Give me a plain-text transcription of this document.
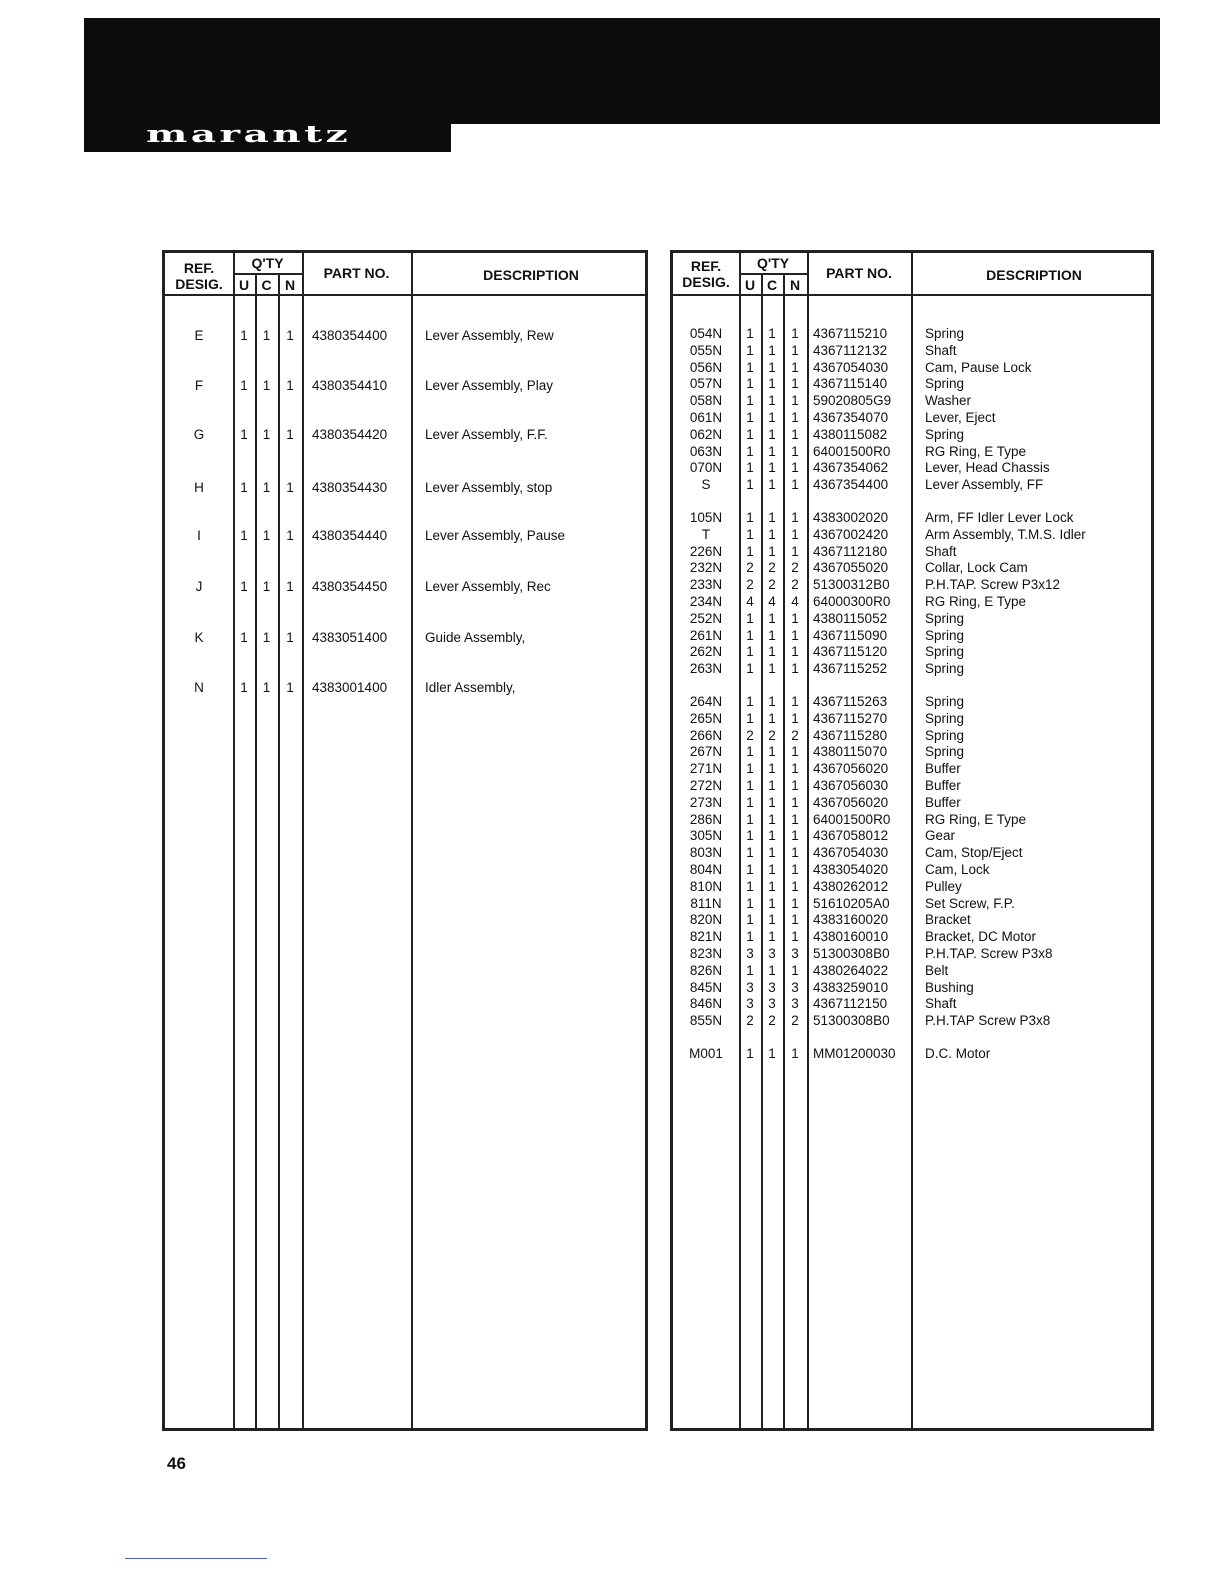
marantz
REF.
DESIG.
Q'TY
U C N
PART NO.	DESCRIPTION
E	1	1	1	4380354400	Lever Assembly, Rew
F	1	1	1	4380354410	Lever Assembly, Play
G	1	1	1	4380354420	Lever Assembly, F.F.
H	1	1	1	4380354430	Lever Assembly, stop
I	1	1	1	4380354440	Lever Assembly, Pause
J	1	1	1	4380354450	Lever Assembly, Rec
K	1	1	1	4383051400	Guide Assembly,
N	1	1	1	4383001400	Idler Assembly,
REF.
DESIG.
Q'TY
U C N
PART NO.	DESCRIPTION
054N	1	1	1	4367115210	Spring
055N	1	1	1	4367112132	Shaft
056N	1	1	1	4367054030	Cam, Pause Lock
057N	1	1	1	4367115140	Spring
058N	1	1	1	59020805G9	Washer
061N	1	1	1	4367354070	Lever, Eject
062N	1	1	1	4380115082	Spring
063N	1	1	1	64001500R0	RG Ring, E Type
070N	1	1	1	4367354062	Lever, Head Chassis
S	1	1	1	4367354400	Lever Assembly, FF
105N	1	1	1	4383002020	Arm, FF Idler Lever Lock
T	1	1	1	4367002420	Arm Assembly, T.M.S. Idler
226N	1	1	1	4367112180	Shaft
232N	2	2	2	4367055020	Collar, Lock Cam
233N	2	2	2	51300312B0	P.H.TAP. Screw P3x12
234N	4	4	4	64000300R0	RG Ring, E Type
252N	1	1	1	4380115052	Spring
261N	1	1	1	4367115090	Spring
262N	1	1	1	4367115120	Spring
263N	1	1	1	4367115252	Spring
264N	1	1	1	4367115263	Spring
265N	1	1	1	4367115270	Spring
266N	2	2	2	4367115280	Spring
267N	1	1	1	4380115070	Spring
271N	1	1	1	4367056020	Buffer
272N	1	1	1	4367056030	Buffer
273N	1	1	1	4367056020	Buffer
286N	1	1	1	64001500R0	RG Ring, E Type
305N	1	1	1	4367058012	Gear
803N	1	1	1	4367054030	Cam, Stop/Eject
804N	1	1	1	4383054020	Cam, Lock
810N	1	1	1	4380262012	Pulley
811N	1	1	1	51610205A0	Set Screw, F.P.
820N	1	1	1	4383160020	Bracket
821N	1	1	1	4380160010	Bracket, DC Motor
823N	3	3	3	51300308B0	P.H.TAP. Screw P3x8
826N	1	1	1	4380264022	Belt
845N	3	3	3	4383259010	Bushing
846N	3	3	3	4367112150	Shaft
855N	2	2	2	51300308B0	P.H.TAP Screw P3x8
M001	1	1	1	MM01200030 D.C. Motor
46
